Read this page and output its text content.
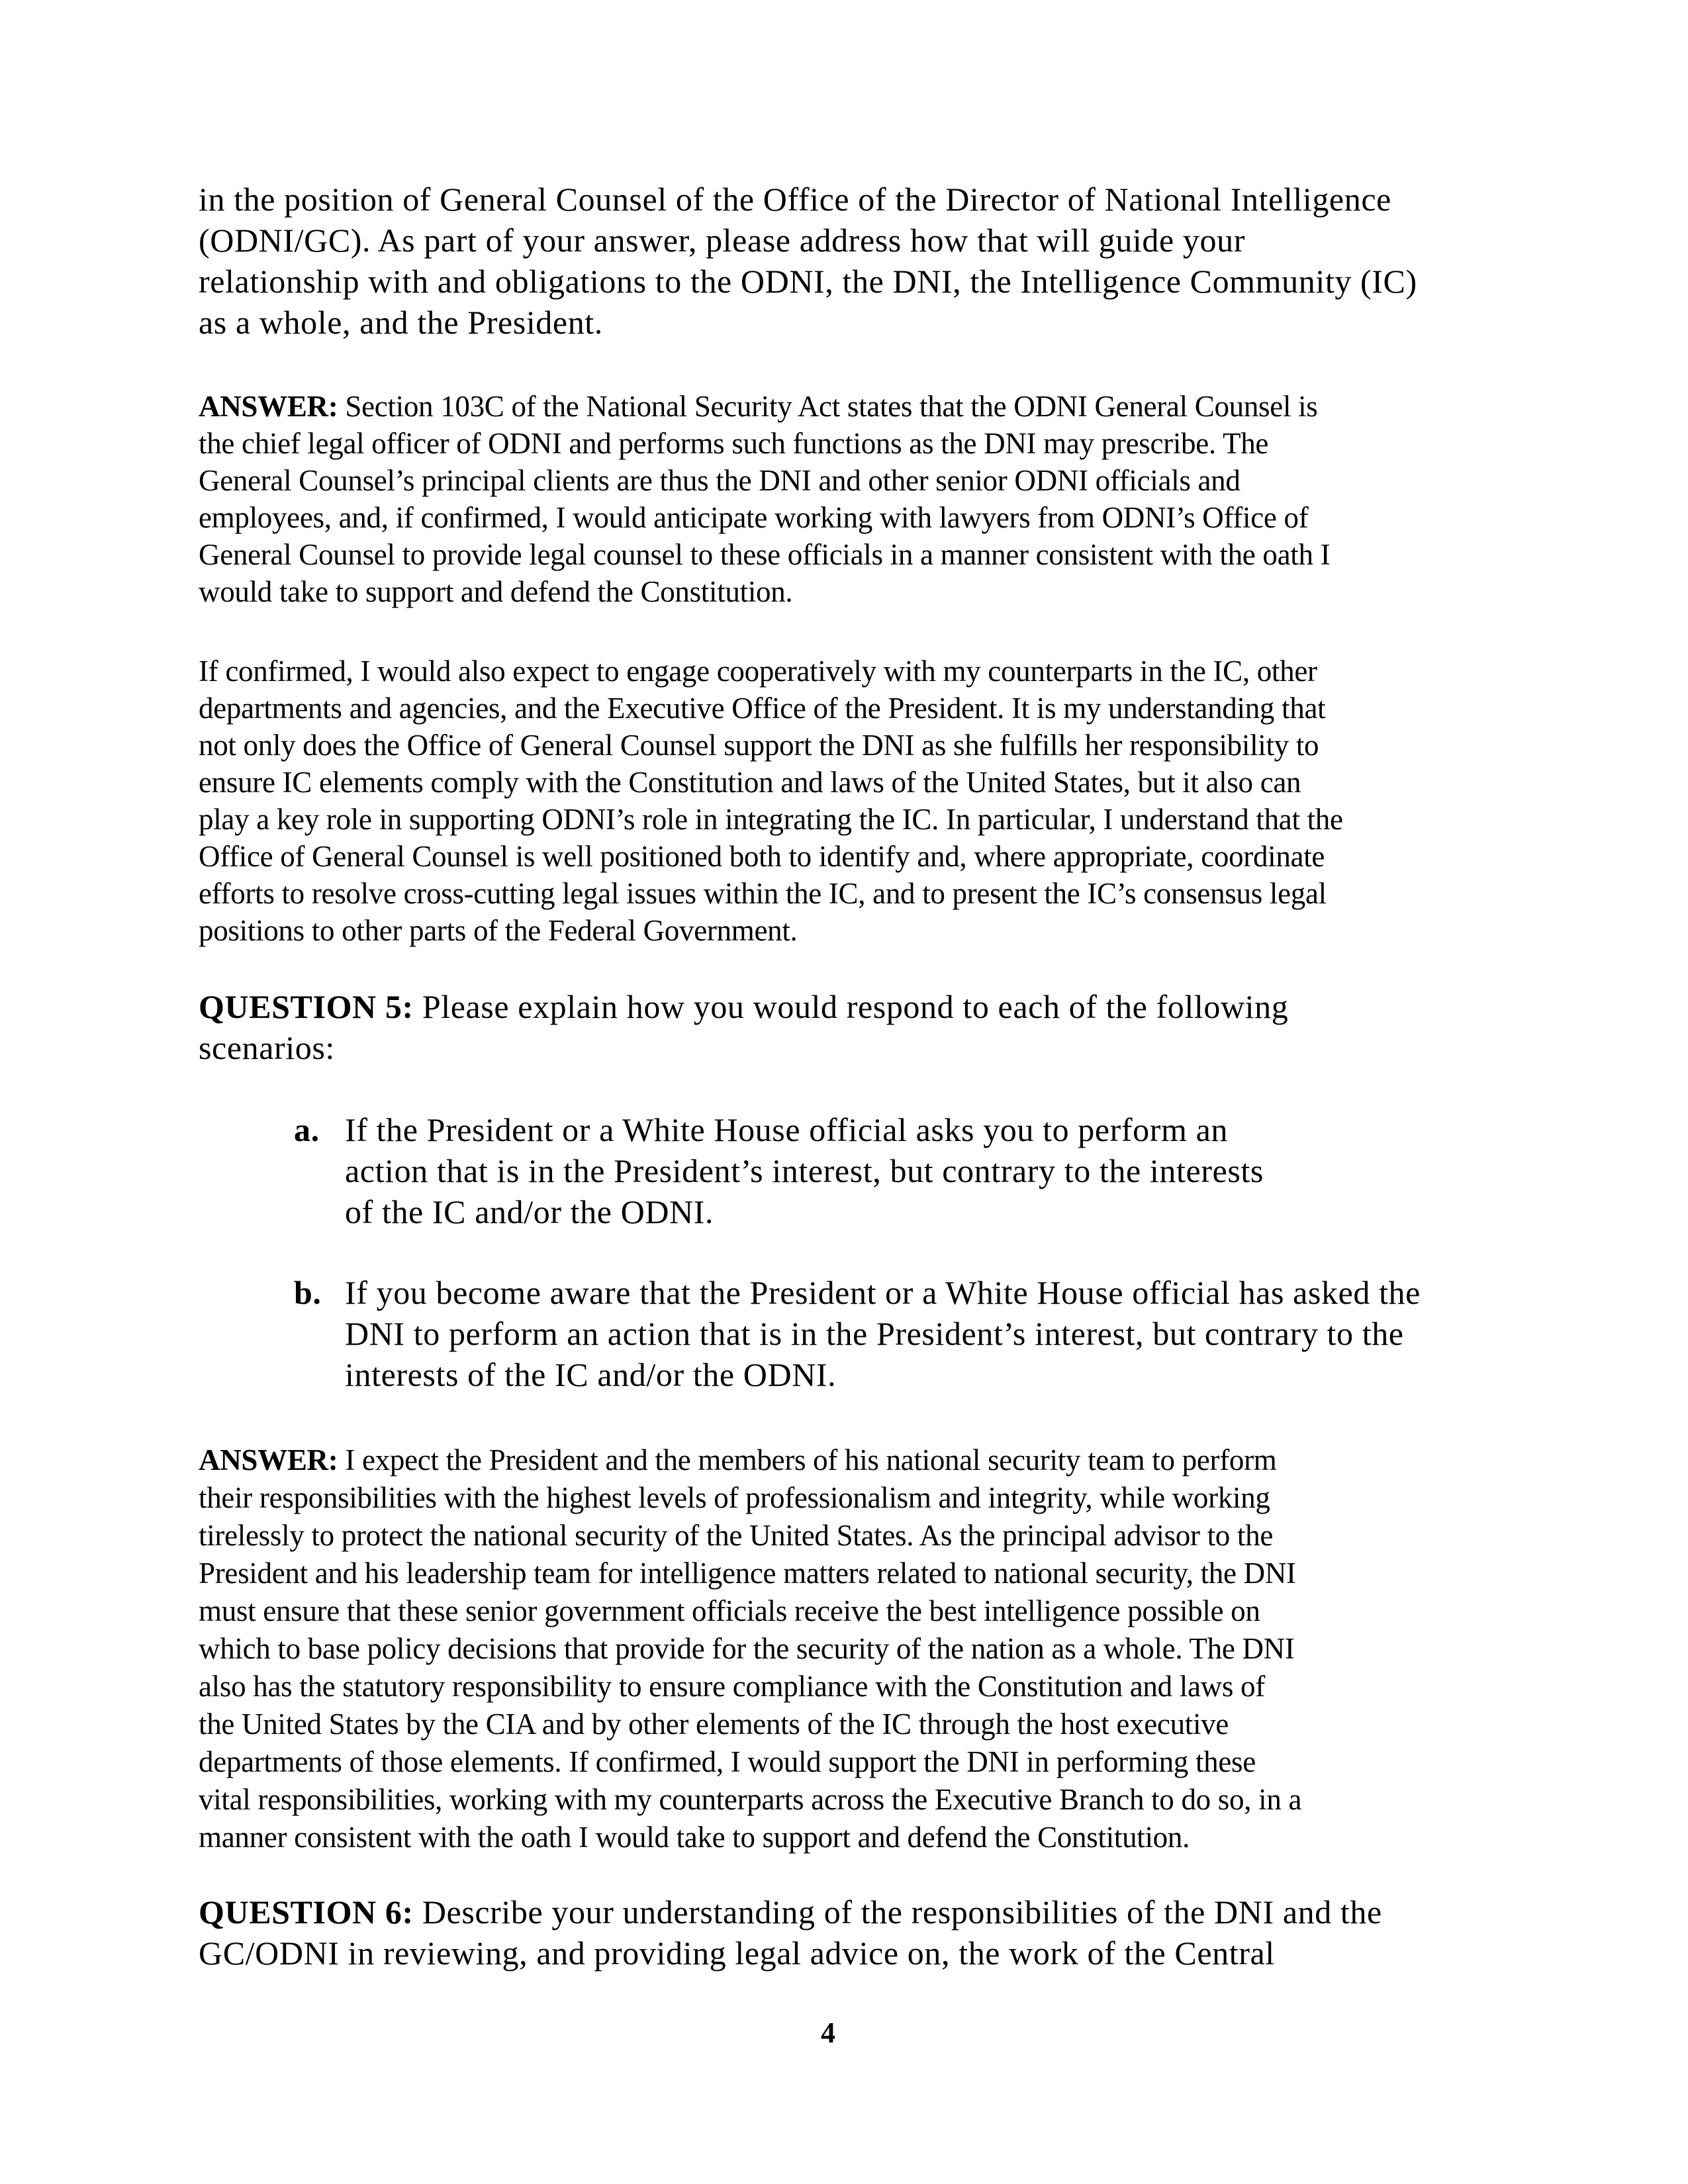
in the position of General Counsel of the Office of the Director of National Intelligence
(ODNI/GC). As part of your answer, please address how that will guide your
relationship with and obligations to the ODNI, the DNI, the Intelligence Community (IC)
as a whole, and the President.
ANSWER: Section 103C of the National Security Act states that the ODNI General Counsel is
the chief legal officer of ODNI and performs such functions as the DNI may prescribe. The
General Counsel’s principal clients are thus the DNI and other senior ODNI officials and
employees, and, if confirmed, I would anticipate working with lawyers from ODNI’s Office of
General Counsel to provide legal counsel to these officials in a manner consistent with the oath I
would take to support and defend the Constitution.
If confirmed, I would also expect to engage cooperatively with my counterparts in the IC, other
departments and agencies, and the Executive Office of the President. It is my understanding that
not only does the Office of General Counsel support the DNI as she fulfills her responsibility to
ensure IC elements comply with the Constitution and laws of the United States, but it also can
play a key role in supporting ODNI’s role in integrating the IC. In particular, I understand that the
Office of General Counsel is well positioned both to identify and, where appropriate, coordinate
efforts to resolve cross-cutting legal issues within the IC, and to present the IC’s consensus legal
positions to other parts of the Federal Government.
QUESTION 5: Please explain how you would respond to each of the following
scenarios:
a. If the President or a White House official asks you to perform an
action that is in the President’s interest, but contrary to the interests
of the IC and/or the ODNI.
b. If you become aware that the President or a White House official has asked the
DNI to perform an action that is in the President’s interest, but contrary to the
interests of the IC and/or the ODNI.
ANSWER: I expect the President and the members of his national security team to perform
their responsibilities with the highest levels of professionalism and integrity, while working
tirelessly to protect the national security of the United States. As the principal advisor to the
President and his leadership team for intelligence matters related to national security, the DNI
must ensure that these senior government officials receive the best intelligence possible on
which to base policy decisions that provide for the security of the nation as a whole. The DNI
also has the statutory responsibility to ensure compliance with the Constitution and laws of
the United States by the CIA and by other elements of the IC through the host executive
departments of those elements. If confirmed, I would support the DNI in performing these
vital responsibilities, working with my counterparts across the Executive Branch to do so, in a
manner consistent with the oath I would take to support and defend the Constitution.
QUESTION 6: Describe your understanding of the responsibilities of the DNI and the
GC/ODNI in reviewing, and providing legal advice on, the work of the Central
4
